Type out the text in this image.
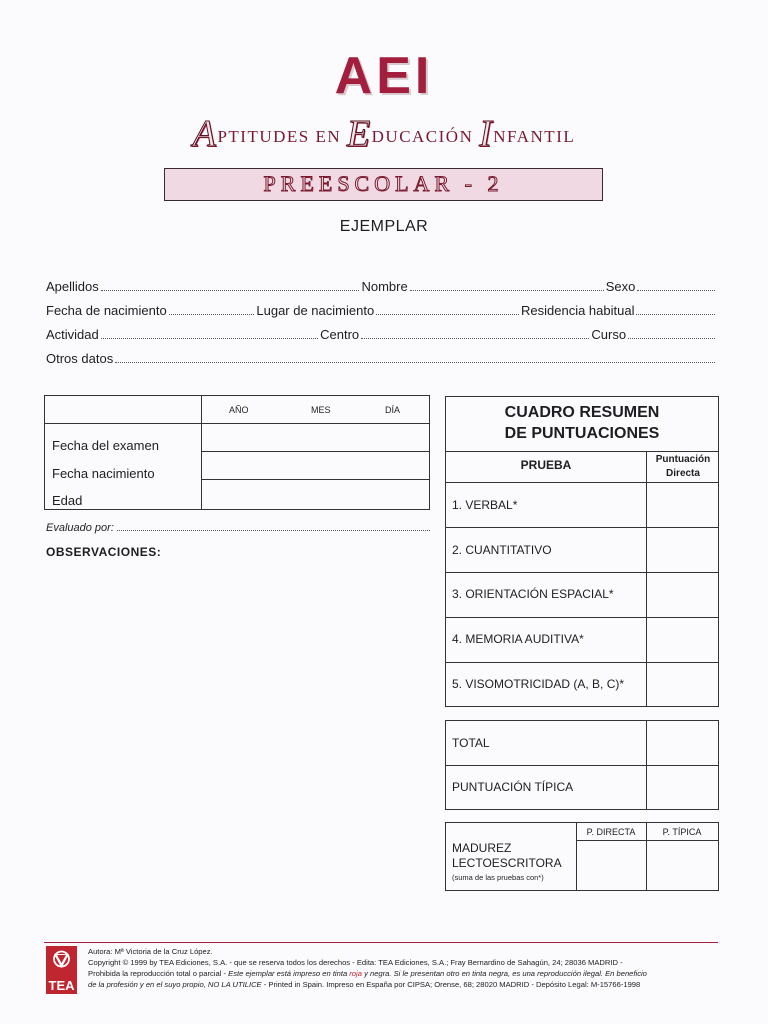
AEI
APTITUDES EN EDUCACIÓN INFANTIL
PREESCOLAR - 2
EJEMPLAR
Apellidos	Nombre	Sexo
Fecha de nacimiento	Lugar de nacimiento	Residencia habitual
Actividad	Centro	Curso
Otros datos
AÑO	MES	DÍA
Fecha del examen
Fecha nacimiento
Edad
Evaluado por:
OBSERVACIONES:
CUADRO RESUMEN
DE PUNTUACIONES
PRUEBA	Puntuación
Directa
1. VERBAL*
2. CUANTITATIVO
3. ORIENTACIÓN ESPACIAL*
4. MEMORIA AUDITIVA*
5. VISOMOTRICIDAD (A, B, C)*
TOTAL
PUNTUACIÓN TÍPICA
P. DIRECTA	P. TÍPICA
MADUREZ
LECTOESCRITORA
(suma de las pruebas con*)
TEA
Autora: Mª Victoria de la Cruz López.
Copyright © 1999 by TEA Ediciones, S.A. - que se reserva todos los derechos - Edita: TEA Ediciones, S.A.; Fray Bernardino de Sahagún, 24; 28036 MADRID -
Prohibida la reproducción total o parcial - Este ejemplar está impreso en tinta roja y negra. Si le presentan otro en tinta negra, es una reproducción ilegal. En beneficio
de la profesión y en el suyo propio, NO LA UTILICE - Printed in Spain. Impreso en España por CIPSA; Orense, 68; 28020 MADRID - Depósito Legal: M-15766-1998
